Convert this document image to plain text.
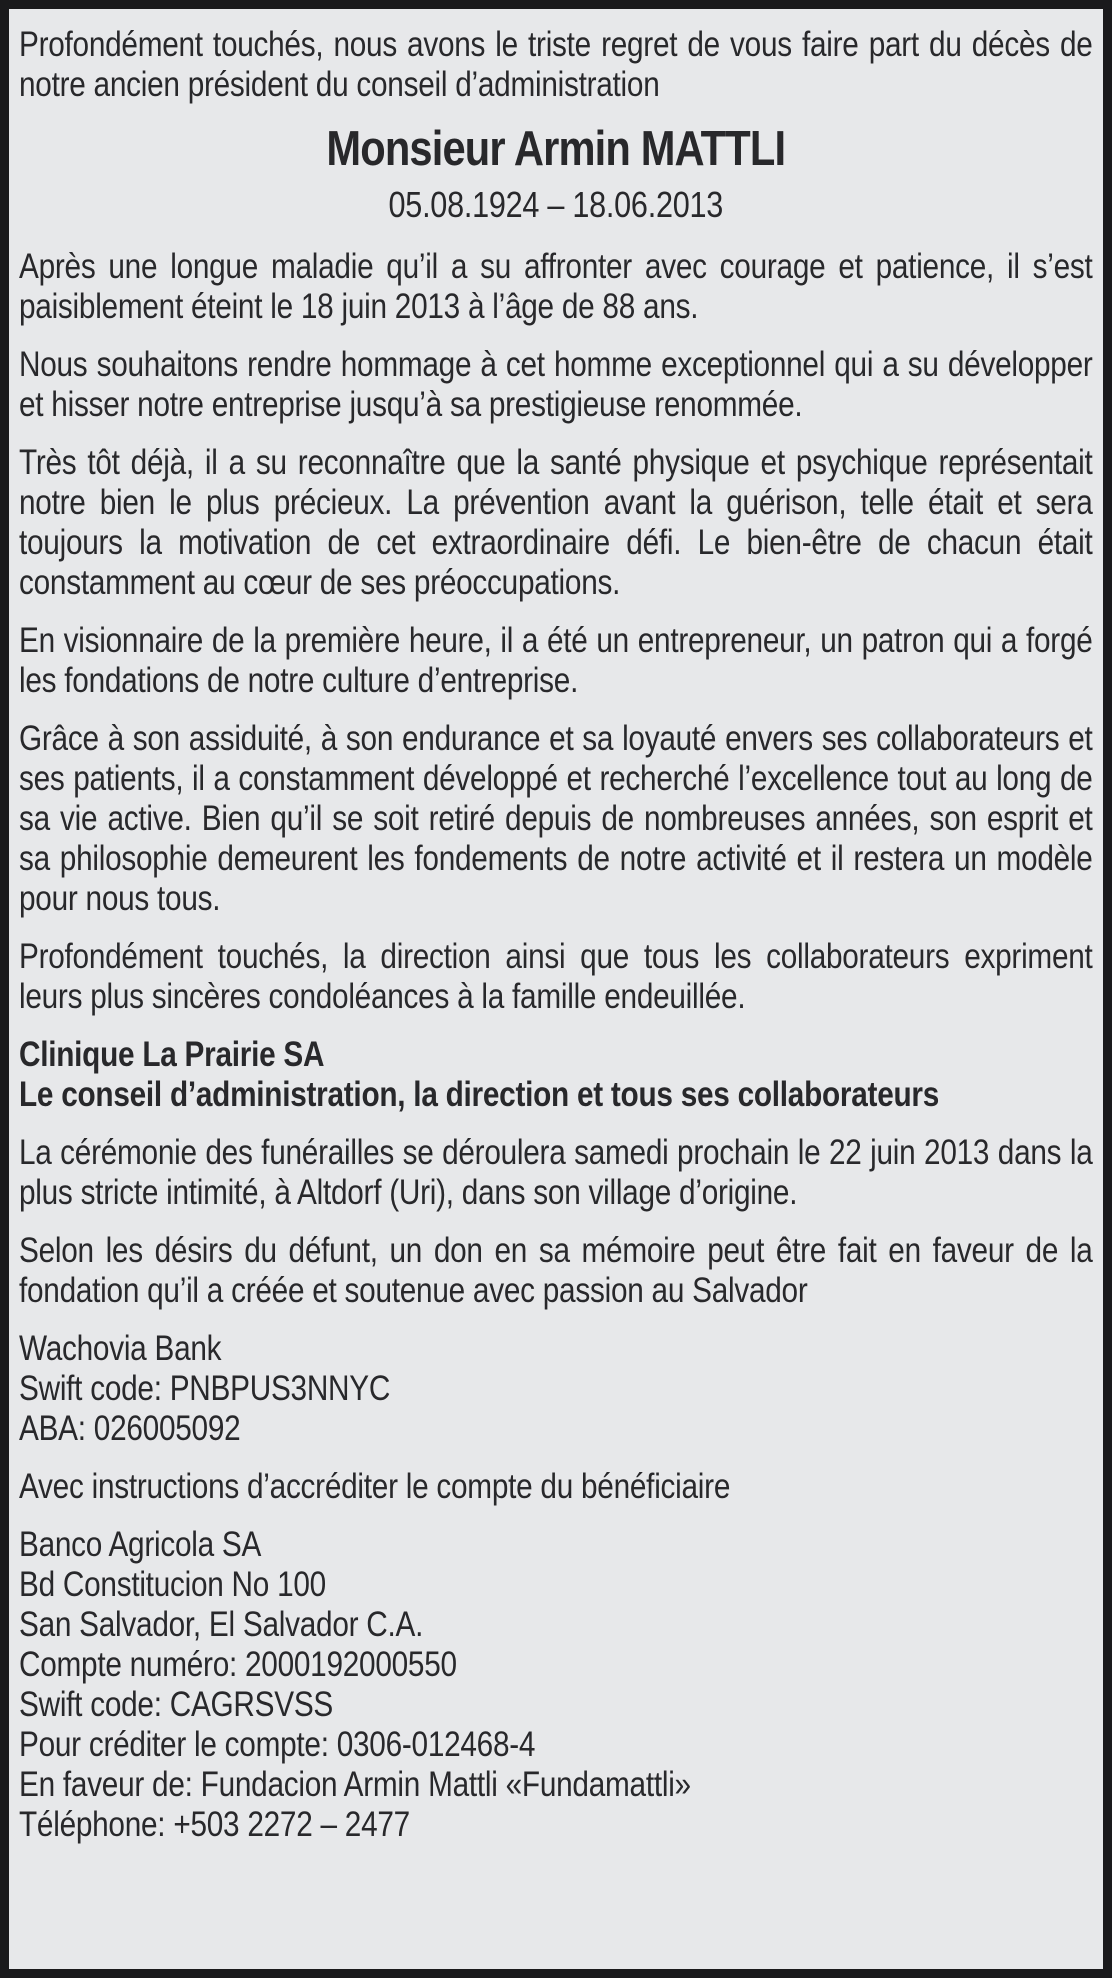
Profondément touchés, nous avons le triste regret de vous faire part du décès de notre ancien président du conseil d’administration

Monsieur Armin MATTLI

05.08.1924 – 18.06.2013

Après une longue maladie qu’il a su affronter avec courage et patience, il s’est paisiblement éteint le 18 juin 2013 à l’âge de 88 ans.

Nous souhaitons rendre hommage à cet homme exceptionnel qui a su développer et hisser notre entreprise jusqu’à sa prestigieuse renommée.

Très tôt déjà, il a su reconnaître que la santé physique et psychique représentait notre bien le plus précieux. La prévention avant la guérison, telle était et sera toujours la motivation de cet extraordinaire défi. Le bien-être de chacun était constamment au cœur de ses préoccupations.

En visionnaire de la première heure, il a été un entrepreneur, un patron qui a forgé les fondations de notre culture d’entreprise.

Grâce à son assiduité, à son endurance et sa loyauté envers ses collaborateurs et ses patients, il a constamment développé et recherché l’excellence tout au long de sa vie active. Bien qu’il se soit retiré depuis de nombreuses années, son esprit et sa philosophie demeurent les fondements de notre activité et il restera un modèle pour nous tous.

Profondément touchés, la direction ainsi que tous les collaborateurs expriment leurs plus sincères condoléances à la famille endeuillée.

Clinique La Prairie SA
Le conseil d’administration, la direction et tous ses collaborateurs

La cérémonie des funérailles se déroulera samedi prochain le 22 juin 2013 dans la plus stricte intimité, à Altdorf (Uri), dans son village d’origine.

Selon les désirs du défunt, un don en sa mémoire peut être fait en faveur de la fondation qu’il a créée et soutenue avec passion au Salvador

Wachovia Bank
Swift code: PNBPUS3NNYC
ABA: 026005092

Avec instructions d’accréditer le compte du bénéficiaire

Banco Agricola SA
Bd Constitucion No 100
San Salvador, El Salvador C.A.
Compte numéro: 2000192000550
Swift code: CAGRSVSS
Pour créditer le compte: 0306-012468-4
En faveur de: Fundacion Armin Mattli «Fundamattli»
Téléphone: +503 2272 – 2477
